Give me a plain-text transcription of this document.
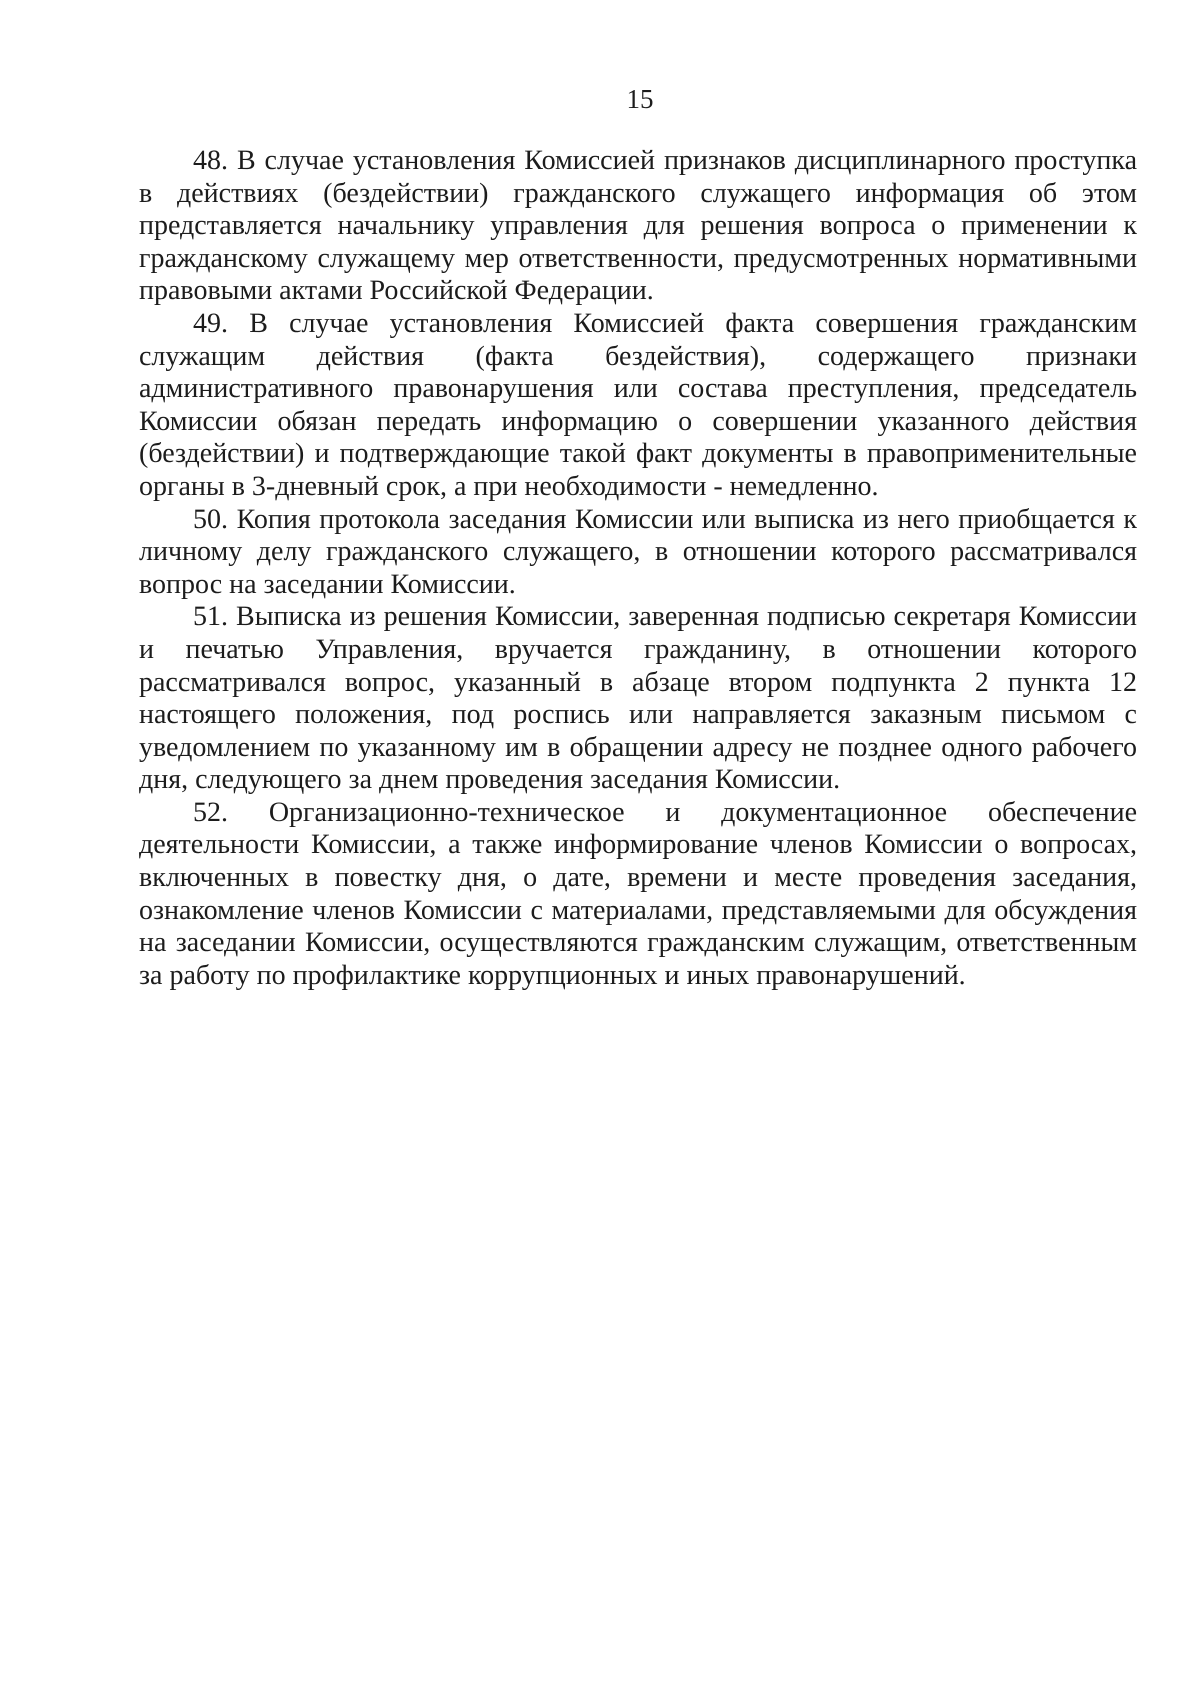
15

48. В случае установления Комиссией признаков дисциплинарного проступка в действиях (бездействии) гражданского служащего информация об этом представляется начальнику управления для решения вопроса о применении к гражданскому служащему мер ответственности, предусмотренных нормативными правовыми актами Российской Федерации.

49. В случае установления Комиссией факта совершения гражданским служащим действия (факта бездействия), содержащего признаки административного правонарушения или состава преступления, председатель Комиссии обязан передать информацию о совершении указанного действия (бездействии) и подтверждающие такой факт документы в правоприменительные органы в 3-дневный срок, а при необходимости - немедленно.

50. Копия протокола заседания Комиссии или выписка из него приобщается к личному делу гражданского служащего, в отношении которого рассматривался вопрос на заседании Комиссии.

51. Выписка из решения Комиссии, заверенная подписью секретаря Комиссии и печатью Управления, вручается гражданину, в отношении которого рассматривался вопрос, указанный в абзаце втором подпункта 2 пункта 12 настоящего положения, под роспись или направляется заказным письмом с уведомлением по указанному им в обращении адресу не позднее одного рабочего дня, следующего за днем проведения заседания Комиссии.

52. Организационно-техническое и документационное обеспечение деятельности Комиссии, а также информирование членов Комиссии о вопросах, включенных в повестку дня, о дате, времени и месте проведения заседания, ознакомление членов Комиссии с материалами, представляемыми для обсуждения на заседании Комиссии, осуществляются гражданским служащим, ответственным за работу по профилактике коррупционных и иных правонарушений.
